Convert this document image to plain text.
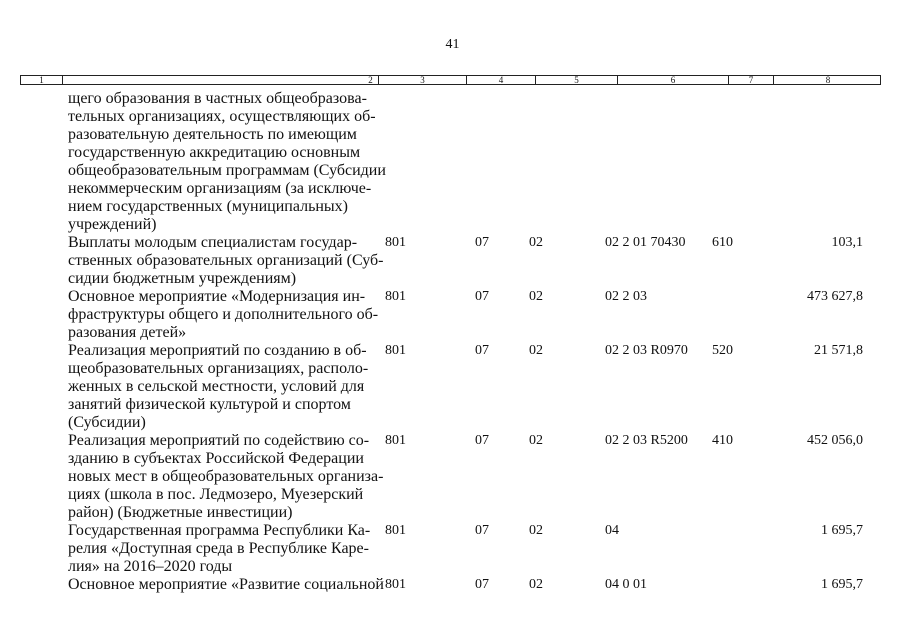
41
1	2	3	4	5	6	7	8
щего образования в частных общеобразова-
тельных организациях, осуществляющих об-
разовательную деятельность по имеющим
государственную аккредитацию основным
общеобразовательным программам (Субсидии
некоммерческим организациям (за исключе-
нием государственных (муниципальных)
учреждений)
Выплаты молодым специалистам государ-
ственных образовательных организаций (Суб-
сидии бюджетным учреждениям)
801	07	02	02 2 01 70430 610	103,1
Основное мероприятие «Модернизация ин-
фраструктуры общего и дополнительного об-
разования детей»
801	07	02	02 2 03	473 627,8
Реализация мероприятий по созданию в об-
щеобразовательных организациях, располо-
женных в сельской местности, условий для
занятий физической культурой и спортом
(Субсидии)
801	07	02	02 2 03 R0970 520	21 571,8
Реализация мероприятий по содействию со-
зданию в субъектах Российской Федерации
новых мест в общеобразовательных организа-
циях (школа в пос. Ледмозеро, Муезерский
район) (Бюджетные инвестиции)
801	07	02	02 2 03 R5200 410	452 056,0
Государственная программа Республики Ка-
релия «Доступная среда в Республике Каре-
лия» на 2016–2020 годы
801	07	02	04	1 695,7
Основное мероприятие «Развитие социальной 801	07	02	04 0 01	1 695,7
